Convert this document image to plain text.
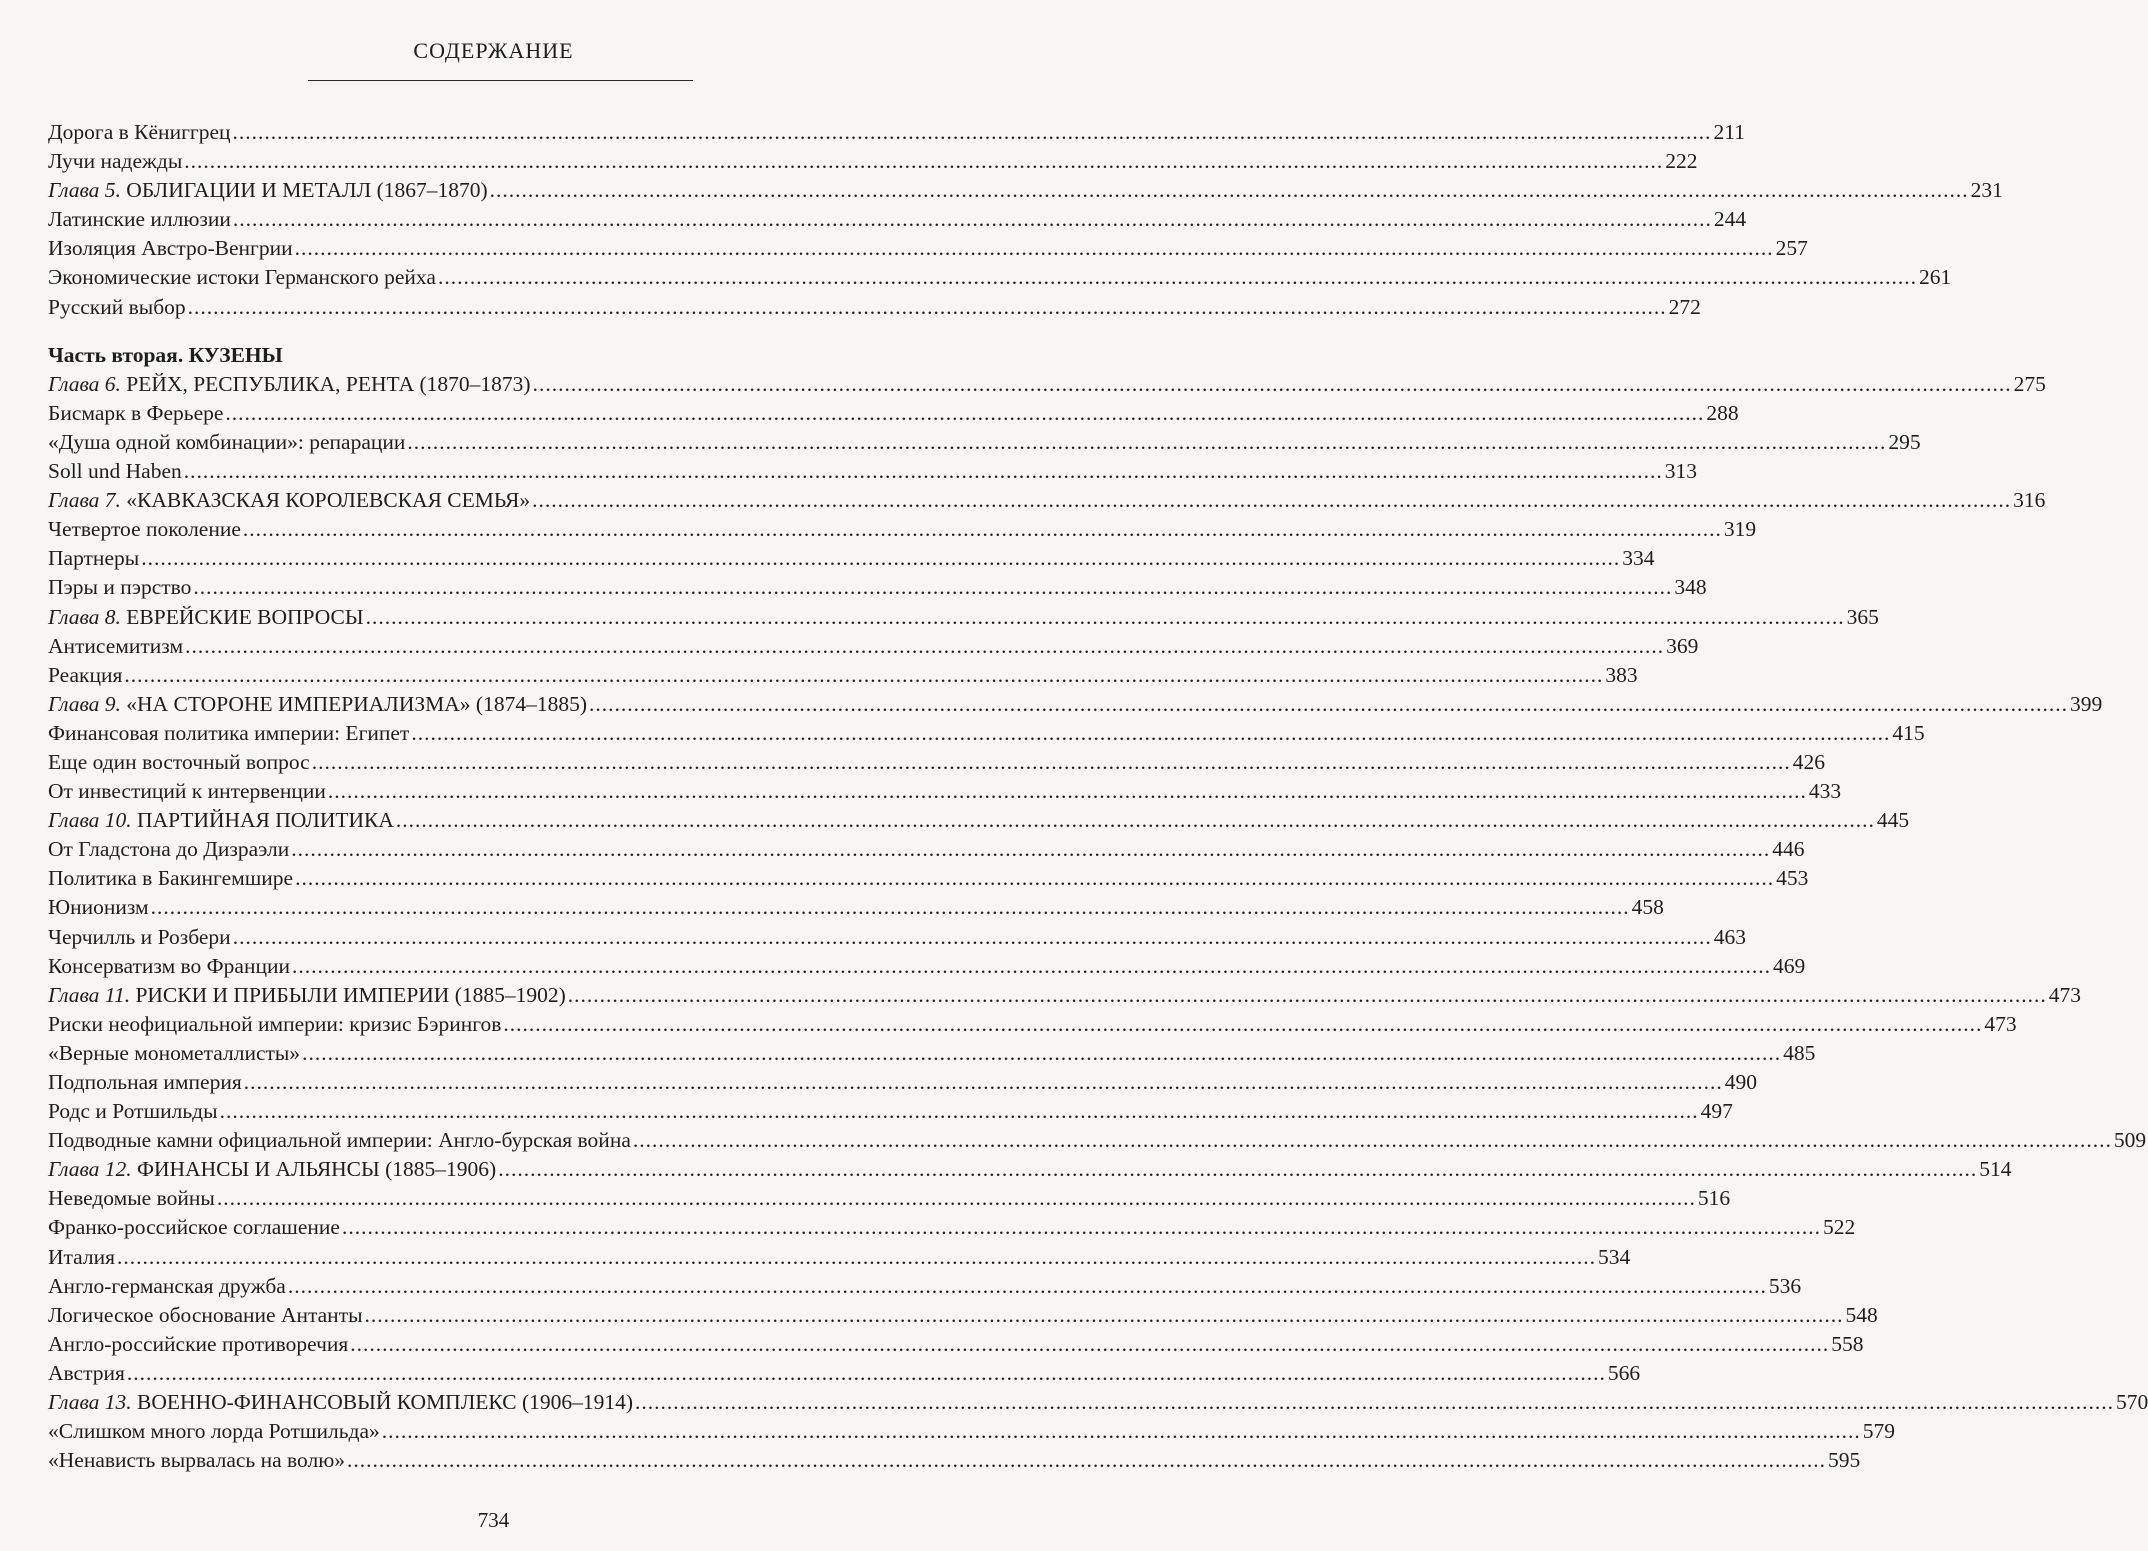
СОДЕРЖАНИЕ
Дорога в Кёниггрец .....	211
Лучи надежды .....	222
Глава 5. ОБЛИГАЦИИ И МЕТАЛЛ (1867–1870) .....	231
Латинские иллюзии .....	244
Изоляция Австро-Венгрии .....	257
Экономические истоки Германского рейха .....	261
Русский выбор .....	272
Часть вторая. КУЗЕНЫ
Глава 6. РЕЙХ, РЕСПУБЛИКА, РЕНТА (1870–1873) .....	275
Бисмарк в Ферьере .....	288
«Душа одной комбинации»: репарации .....	295
Soll und Haben .....	313
Глава 7. «КАВКАЗСКАЯ КОРОЛЕВСКАЯ СЕМЬЯ» .....	316
Четвертое поколение .....	319
Партнеры .....	334
Пэры и пэрство .....	348
Глава 8. ЕВРЕЙСКИЕ ВОПРОСЫ .....	365
Антисемитизм .....	369
Реакция .....	383
Глава 9. «НА СТОРОНЕ ИМПЕРИАЛИЗМА» (1874–1885) .....	399
Финансовая политика империи: Египет .....	415
Еще один восточный вопрос .....	426
От инвестиций к интервенции .....	433
Глава 10. ПАРТИЙНАЯ ПОЛИТИКА .....	445
От Гладстона до Дизраэли .....	446
Политика в Бакингемшире .....	453
Юнионизм .....	458
Черчилль и Розбери .....	463
Консерватизм во Франции .....	469
Глава 11. РИСКИ И ПРИБЫЛИ ИМПЕРИИ (1885–1902) .....	473
Риски неофициальной империи: кризис Бэрингов .....	473
«Верные монометаллисты» .....	485
Подпольная империя .....	490
Родс и Ротшильды .....	497
Подводные камни официальной империи: Англо-бурская война .....	509
Глава 12. ФИНАНСЫ И АЛЬЯНСЫ (1885–1906) .....	514
Неведомые войны .....	516
Франко-российское соглашение .....	522
Италия .....	534
Англо-германская дружба .....	536
Логическое обоснование Антанты .....	548
Англо-российские противоречия .....	558
Австрия .....	566
Глава 13. ВОЕННО-ФИНАНСОВЫЙ КОМПЛЕКС (1906–1914) .....	570
«Слишком много лорда Ротшильда» .....	579
«Ненависть вырвалась на волю» .....	595
734
